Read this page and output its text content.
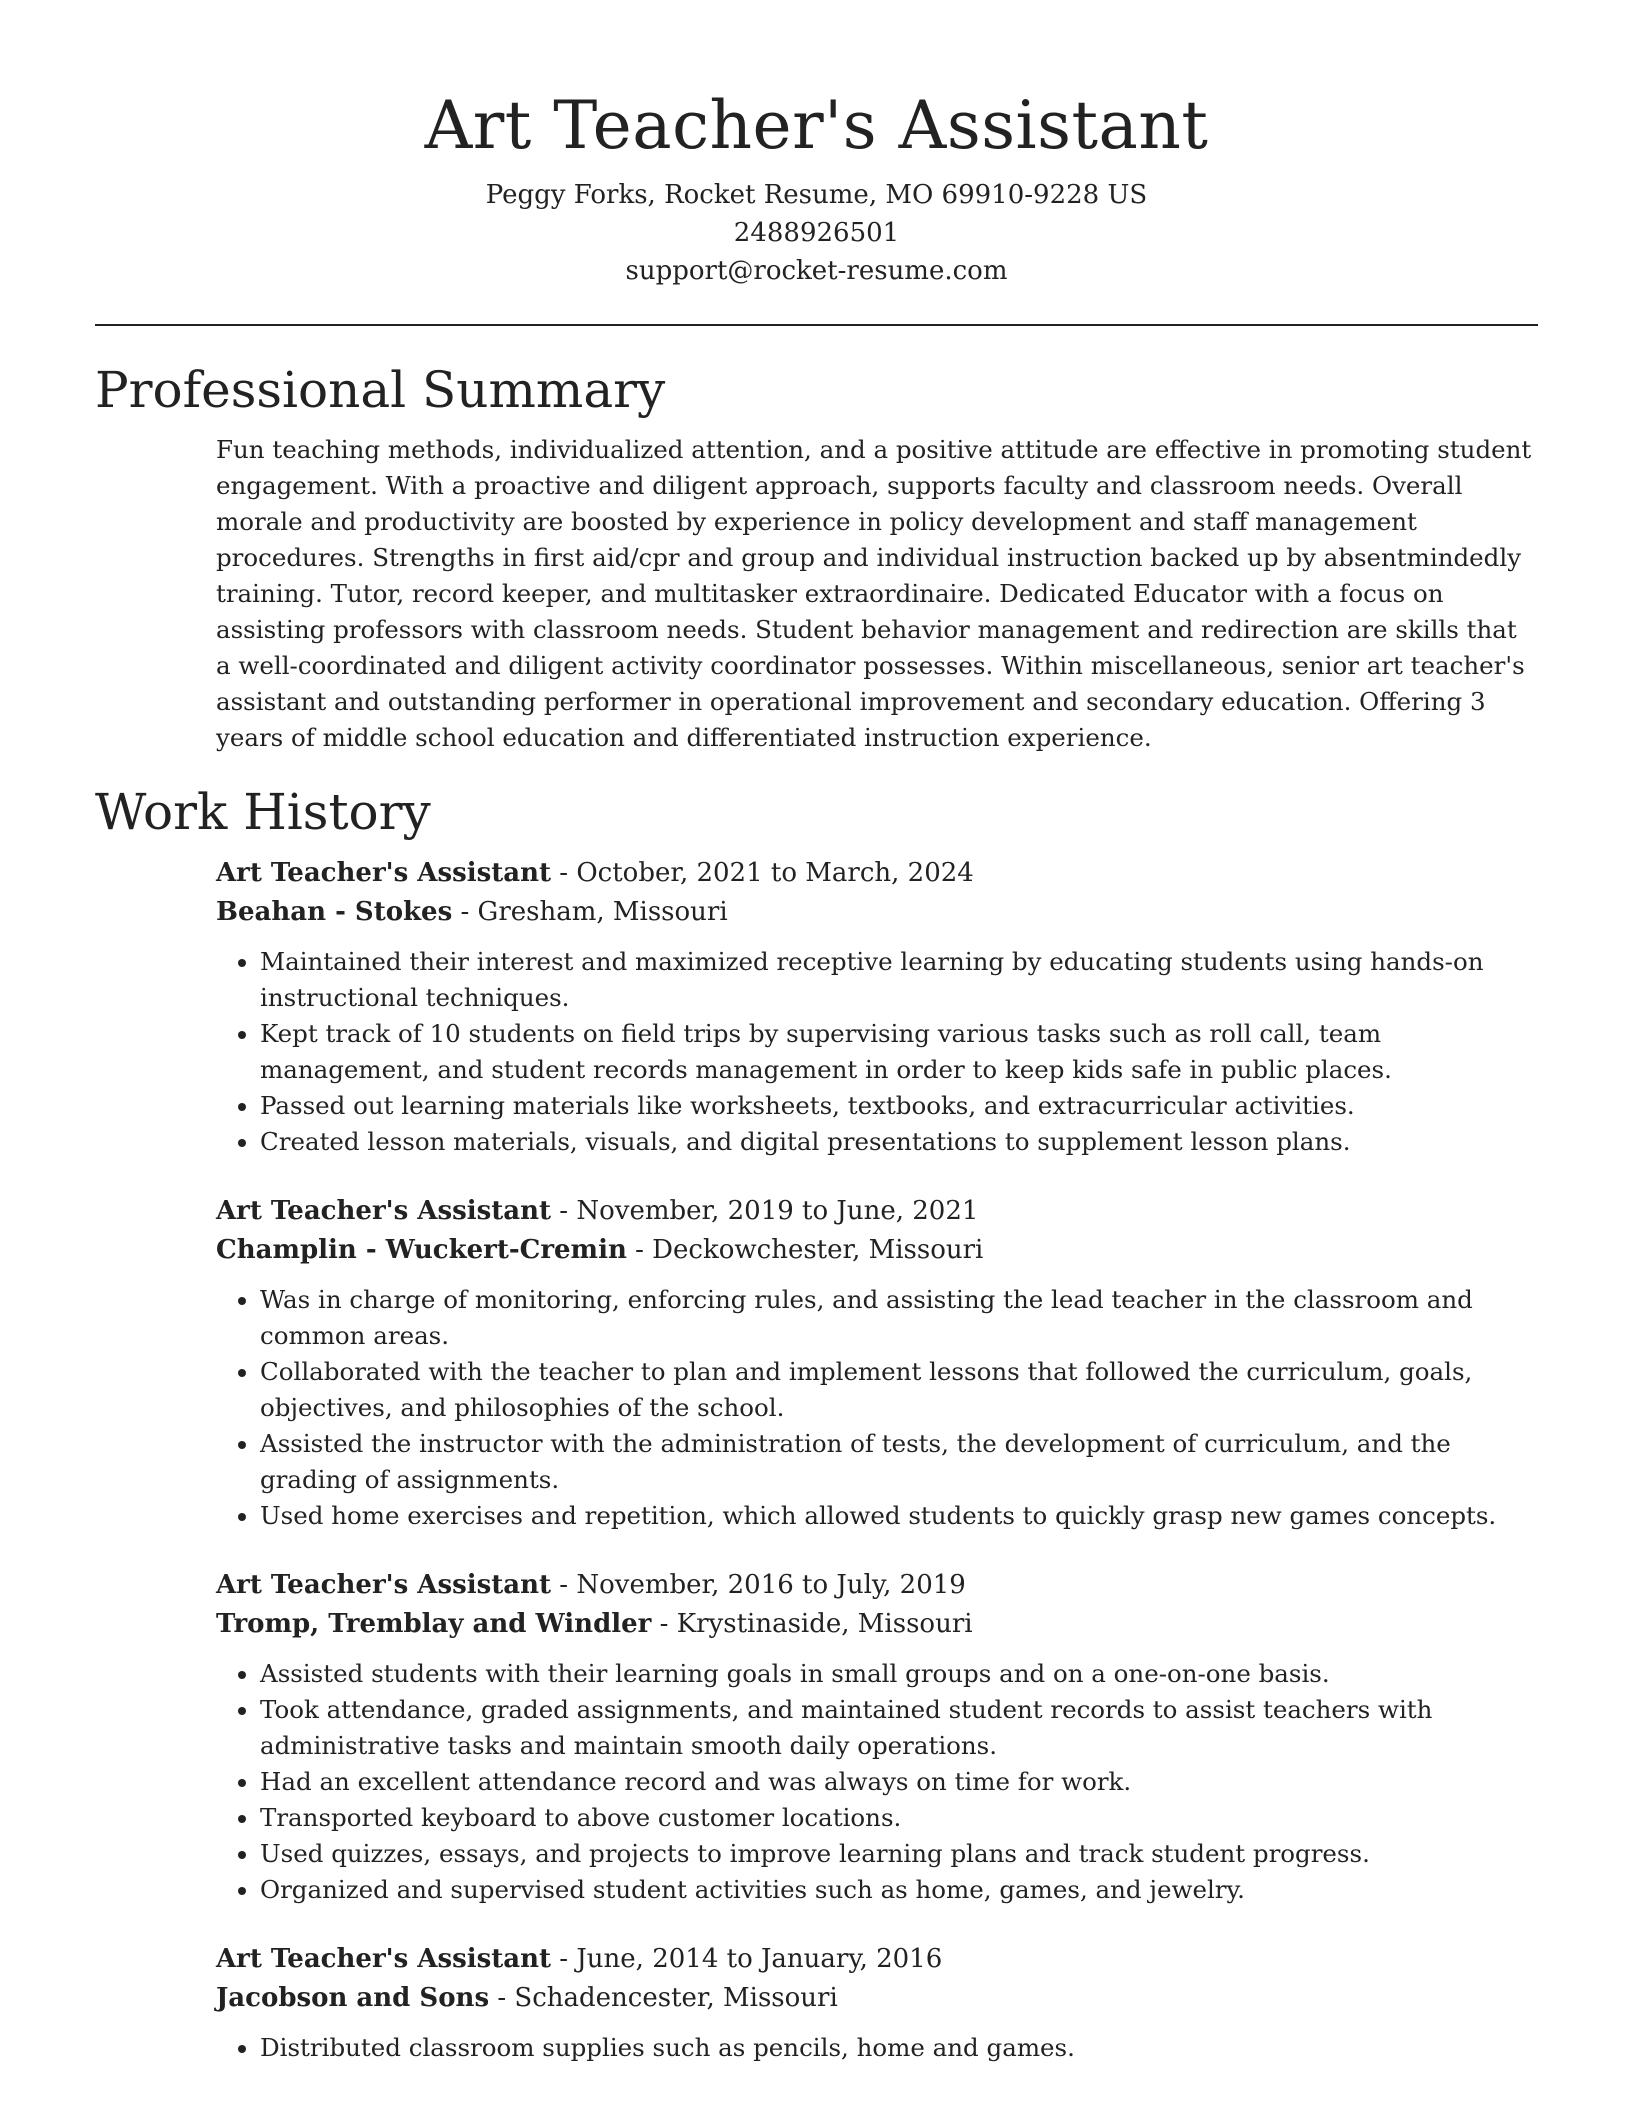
Art Teacher's Assistant
Peggy Forks, Rocket Resume, MO 69910-9228 US
2488926501
support@rocket-resume.com
Professional Summary

Fun teaching methods, individualized attention, and a positive attitude are effective in promoting student engagement. With a proactive and diligent approach, supports faculty and classroom needs. Overall morale and productivity are boosted by experience in policy development and staff management procedures. Strengths in first aid/cpr and group and individual instruction backed up by absentmindedly training. Tutor, record keeper, and multitasker extraordinaire. Dedicated Educator with a focus on assisting professors with classroom needs. Student behavior management and redirection are skills that a well-coordinated and diligent activity coordinator possesses. Within miscellaneous, senior art teacher's assistant and outstanding performer in operational improvement and secondary education. Offering 3 years of middle school education and differentiated instruction experience.

Work History
Art Teacher's Assistant - October, 2021 to March, 2024
Beahan - Stokes - Gresham, Missouri
• Maintained their interest and maximized receptive learning by educating students using hands-on instructional techniques.
• Kept track of 10 students on field trips by supervising various tasks such as roll call, team management, and student records management in order to keep kids safe in public places.
• Passed out learning materials like worksheets, textbooks, and extracurricular activities.
• Created lesson materials, visuals, and digital presentations to supplement lesson plans.
Art Teacher's Assistant - November, 2019 to June, 2021
Champlin - Wuckert-Cremin - Deckowchester, Missouri
• Was in charge of monitoring, enforcing rules, and assisting the lead teacher in the classroom and common areas.
• Collaborated with the teacher to plan and implement lessons that followed the curriculum, goals, objectives, and philosophies of the school.
• Assisted the instructor with the administration of tests, the development of curriculum, and the grading of assignments.
• Used home exercises and repetition, which allowed students to quickly grasp new games concepts.
Art Teacher's Assistant - November, 2016 to July, 2019
Tromp, Tremblay and Windler - Krystinaside, Missouri
• Assisted students with their learning goals in small groups and on a one-on-one basis.
• Took attendance, graded assignments, and maintained student records to assist teachers with administrative tasks and maintain smooth daily operations.
• Had an excellent attendance record and was always on time for work.
• Transported keyboard to above customer locations.
• Used quizzes, essays, and projects to improve learning plans and track student progress.
• Organized and supervised student activities such as home, games, and jewelry.
Art Teacher's Assistant - June, 2014 to January, 2016
Jacobson and Sons - Schadencester, Missouri
• Distributed classroom supplies such as pencils, home and games.
